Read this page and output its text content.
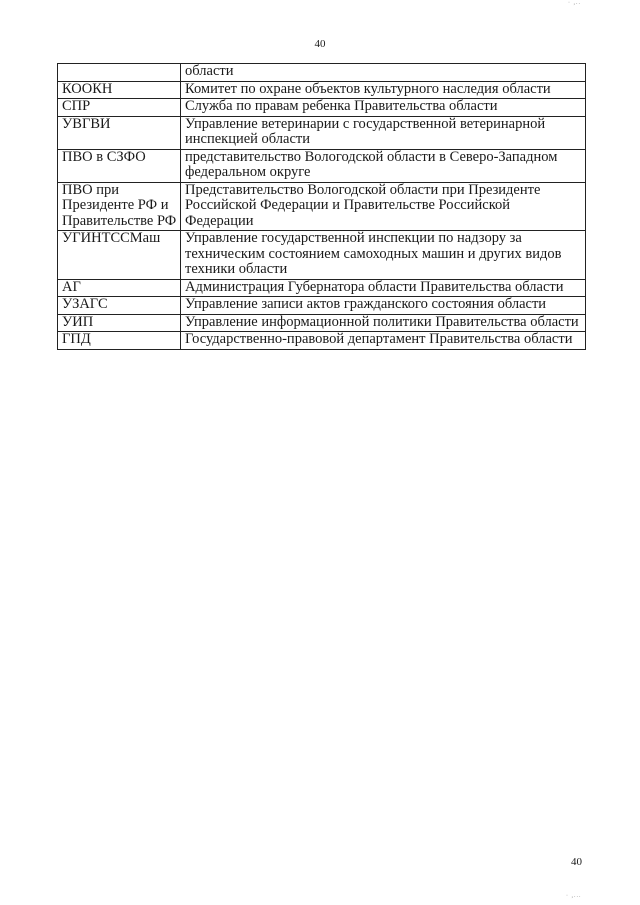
· ,..
40
	области
КООКН	Комитет по охране объектов культурного наследия области
СПР	Служба по правам ребенка Правительства области
УВГВИ	Управление ветеринарии с государственной ветеринарной инспекцией области
ПВО в СЗФО	представительство Вологодской области в Северо-Западном федеральном округе
ПВО при Президенте РФ и Правительстве РФ	Представительство Вологодской области при Президенте Российской Федерации и Правительстве Российской Федерации
УГИНТССМаш	Управление государственной инспекции по надзору за техническим состоянием самоходных машин и других видов техники области
АГ	Администрация Губернатора области Правительства области
УЗАГС	Управление записи актов гражданского состояния области
УИП	Управление информационной политики Правительства области
ГПД	Государственно-правовой департамент Правительства области
40
· ,...
